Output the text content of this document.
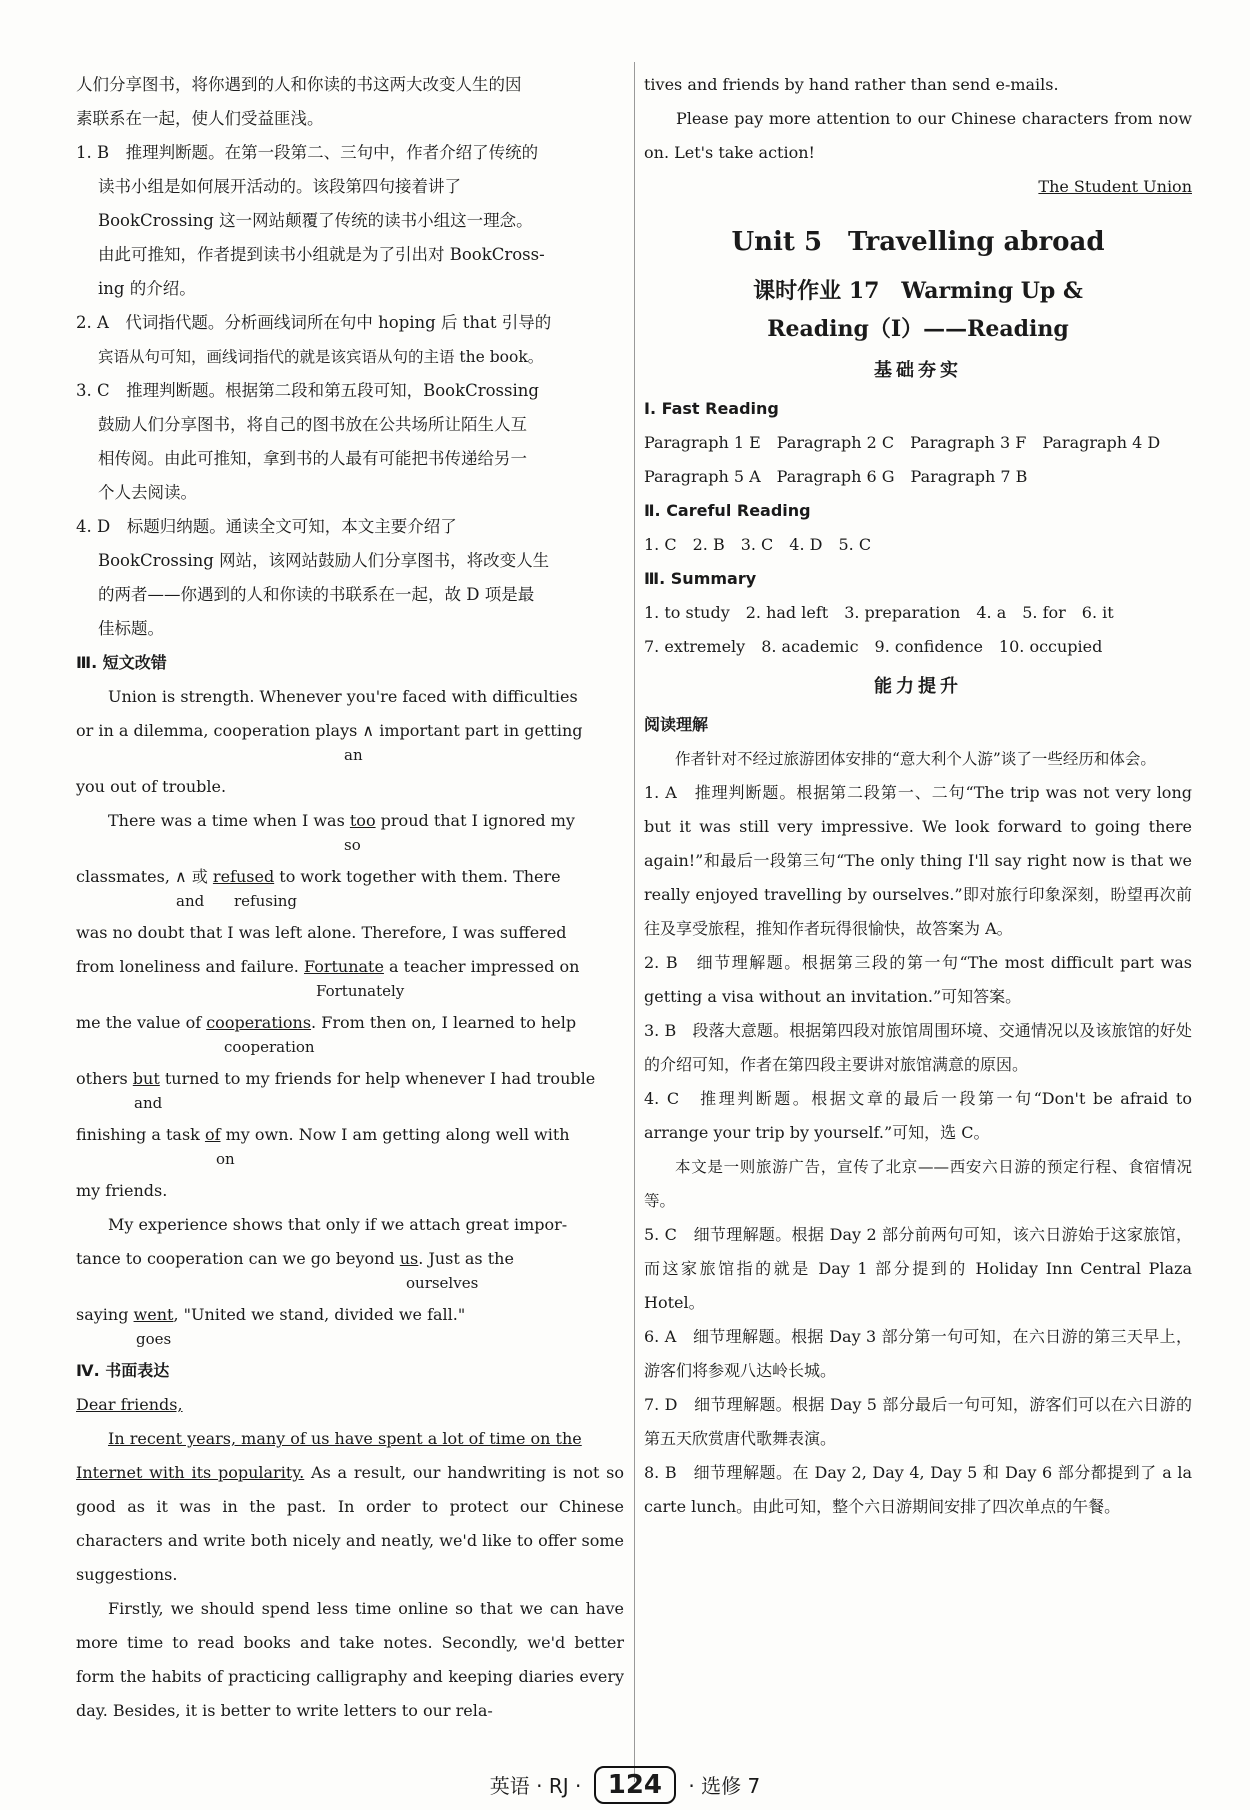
人们分享图书，将你遇到的人和你读的书这两大改变人生的因

素联系在一起，使人们受益匪浅。

1. B　推理判断题。在第一段第二、三句中，作者介绍了传统的

读书小组是如何展开活动的。该段第四句接着讲了

BookCrossing 这一网站颠覆了传统的读书小组这一理念。

由此可推知，作者提到读书小组就是为了引出对 BookCross-

ing 的介绍。

2. A　代词指代题。分析画线词所在句中 hoping 后 that 引导的

宾语从句可知，画线词指代的就是该宾语从句的主语 the book。

3. C　推理判断题。根据第二段和第五段可知，BookCrossing

鼓励人们分享图书，将自己的图书放在公共场所让陌生人互

相传阅。由此可推知，拿到书的人最有可能把书传递给另一

个人去阅读。

4. D　标题归纳题。通读全文可知，本文主要介绍了

BookCrossing 网站，该网站鼓励人们分享图书，将改变人生

的两者——你遇到的人和你读的书联系在一起，故 D 项是最

佳标题。

Ⅲ. 短文改错

Union is strength. Whenever you're faced with difficulties

or in a dilemma, cooperation plays ∧ important part in getting

an

you out of trouble.

There was a time when I was too proud that I ignored my

so

classmates, ∧ 或 refused to work together with them. There

and refusing

was no doubt that I was left alone. Therefore, I was suffered

from loneliness and failure. Fortunate a teacher impressed on

Fortunately

me the value of cooperations. From then on, I learned to help

cooperation

others but turned to my friends for help whenever I had trouble

and

finishing a task of my own. Now I am getting along well with

on

my friends.

My experience shows that only if we attach great impor-

tance to cooperation can we go beyond us. Just as the

ourselves

saying went, "United we stand, divided we fall."

goes

Ⅳ. 书面表达

Dear friends,

In recent years, many of us have spent a lot of time on the

Internet with its popularity. As a result, our handwriting is not so good as it was in the past. In order to protect our Chinese characters and write both nicely and neatly, we'd like to offer some suggestions.

Firstly, we should spend less time online so that we can have more time to read books and take notes. Secondly, we'd better form the habits of practicing calligraphy and keeping diaries every day. Besides, it is better to write letters to our rela-

tives and friends by hand rather than send e-mails.

Please pay more attention to our Chinese characters from now on. Let's take action!

The Student Union

Unit 5　Travelling abroad

课时作业 17　Warming Up &

Reading（Ⅰ）——Reading

基础夯实

Ⅰ. Fast Reading

Paragraph 1 E　Paragraph 2 C　Paragraph 3 F　Paragraph 4 D

Paragraph 5 A　Paragraph 6 G　Paragraph 7 B

Ⅱ. Careful Reading

1. C　2. B　3. C　4. D　5. C

Ⅲ. Summary

1. to study　2. had left　3. preparation　4. a　5. for　6. it

7. extremely　8. academic　9. confidence　10. occupied

能力提升

阅读理解

作者针对不经过旅游团体安排的“意大利个人游”谈了一些经历和体会。

1. A　推理判断题。根据第二段第一、二句“The trip was not very long but it was still very impressive. We look forward to going there again!”和最后一段第三句“The only thing I'll say right now is that we really enjoyed travelling by ourselves.”即对旅行印象深刻，盼望再次前往及享受旅程，推知作者玩得很愉快，故答案为 A。

2. B　细节理解题。根据第三段的第一句“The most difficult part was getting a visa without an invitation.”可知答案。

3. B　段落大意题。根据第四段对旅馆周围环境、交通情况以及该旅馆的好处的介绍可知，作者在第四段主要讲对旅馆满意的原因。

4. C　推理判断题。根据文章的最后一段第一句“Don't be afraid to arrange your trip by yourself.”可知，选 C。

本文是一则旅游广告，宣传了北京——西安六日游的预定行程、食宿情况等。

5. C　细节理解题。根据 Day 2 部分前两句可知，该六日游始于这家旅馆，而这家旅馆指的就是 Day 1 部分提到的 Holiday Inn Central Plaza Hotel。

6. A　细节理解题。根据 Day 3 部分第一句可知，在六日游的第三天早上，游客们将参观八达岭长城。

7. D　细节理解题。根据 Day 5 部分最后一句可知，游客们可以在六日游的第五天欣赏唐代歌舞表演。

8. B　细节理解题。在 Day 2, Day 4, Day 5 和 Day 6 部分都提到了 a la carte lunch。由此可知，整个六日游期间安排了四次单点的午餐。

英语 · RJ · 124 · 选修 7
